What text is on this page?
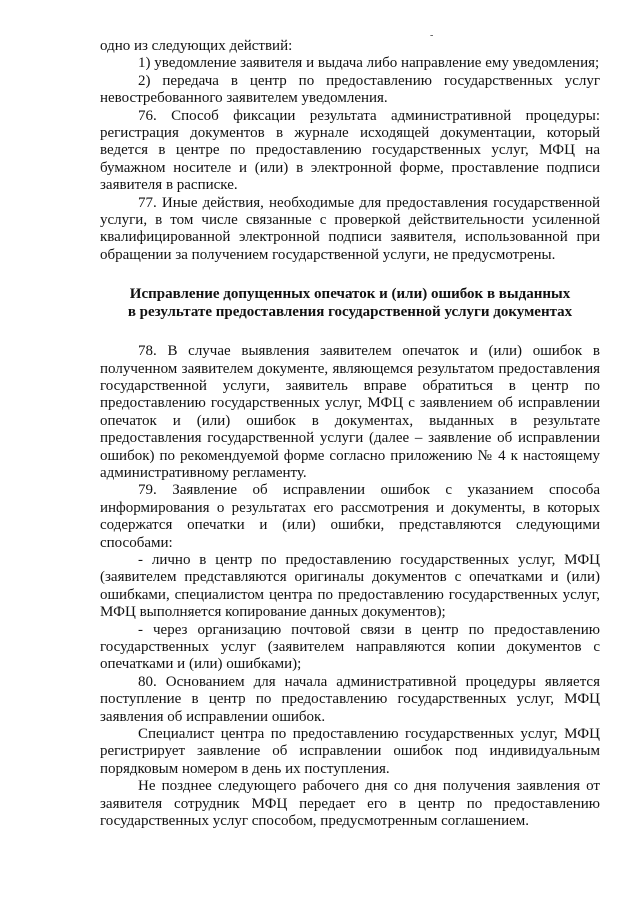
-

одно из следующих действий:

1) уведомление заявителя и выдача либо направление ему уведомления;

2) передача в центр по предоставлению государственных услуг невостребованного заявителем уведомления.

76. Способ фиксации результата административной процедуры: регистрация документов в журнале исходящей документации, который ведется в центре по предоставлению государственных услуг, МФЦ на бумажном носителе и (или) в электронной форме, проставление подписи заявителя в расписке.

77. Иные действия, необходимые для предоставления государственной услуги, в том числе связанные с проверкой действительности усиленной квалифицированной электронной подписи заявителя, использованной при обращении за получением государственной услуги, не предусмотрены.

Исправление допущенных опечаток и (или) ошибок в выданных
в результате предоставления государственной услуги документах

78. В случае выявления заявителем опечаток и (или) ошибок в полученном заявителем документе, являющемся результатом предоставления государственной услуги, заявитель вправе обратиться в центр по предоставлению государственных услуг, МФЦ с заявлением об исправлении опечаток и (или) ошибок в документах, выданных в результате предоставления государственной услуги (далее – заявление об исправлении ошибок) по рекомендуемой форме согласно приложению № 4 к настоящему административному регламенту.

79. Заявление об исправлении ошибок с указанием способа информирования о результатах его рассмотрения и документы, в которых содержатся опечатки и (или) ошибки, представляются следующими способами:

- лично в центр по предоставлению государственных услуг, МФЦ (заявителем представляются оригиналы документов с опечатками и (или) ошибками, специалистом центра по предоставлению государственных услуг, МФЦ выполняется копирование данных документов);

- через организацию почтовой связи в центр по предоставлению государственных услуг (заявителем направляются копии документов с опечатками и (или) ошибками);

80. Основанием для начала административной процедуры является поступление в центр по предоставлению государственных услуг, МФЦ заявления об исправлении ошибок.

Специалист центра по предоставлению государственных услуг, МФЦ регистрирует заявление об исправлении ошибок под индивидуальным порядковым номером в день их поступления.

Не позднее следующего рабочего дня со дня получения заявления от заявителя сотрудник МФЦ передает его в центр по предоставлению государственных услуг способом, предусмотренным соглашением.
